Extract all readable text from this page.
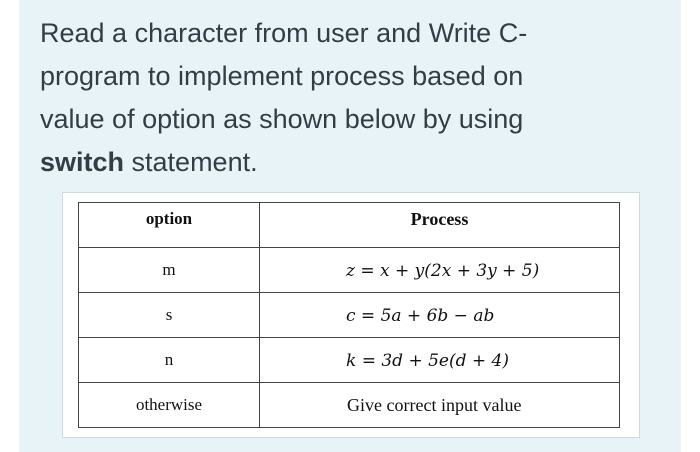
Read a character from user and Write C-
program to implement process based on
value of option as shown below by using
switch statement.
option	Process
m	z = x + y(2x + 3y + 5)
s	c = 5a + 6b − ab
n	k = 3d + 5e(d + 4)
otherwise	Give correct input value
